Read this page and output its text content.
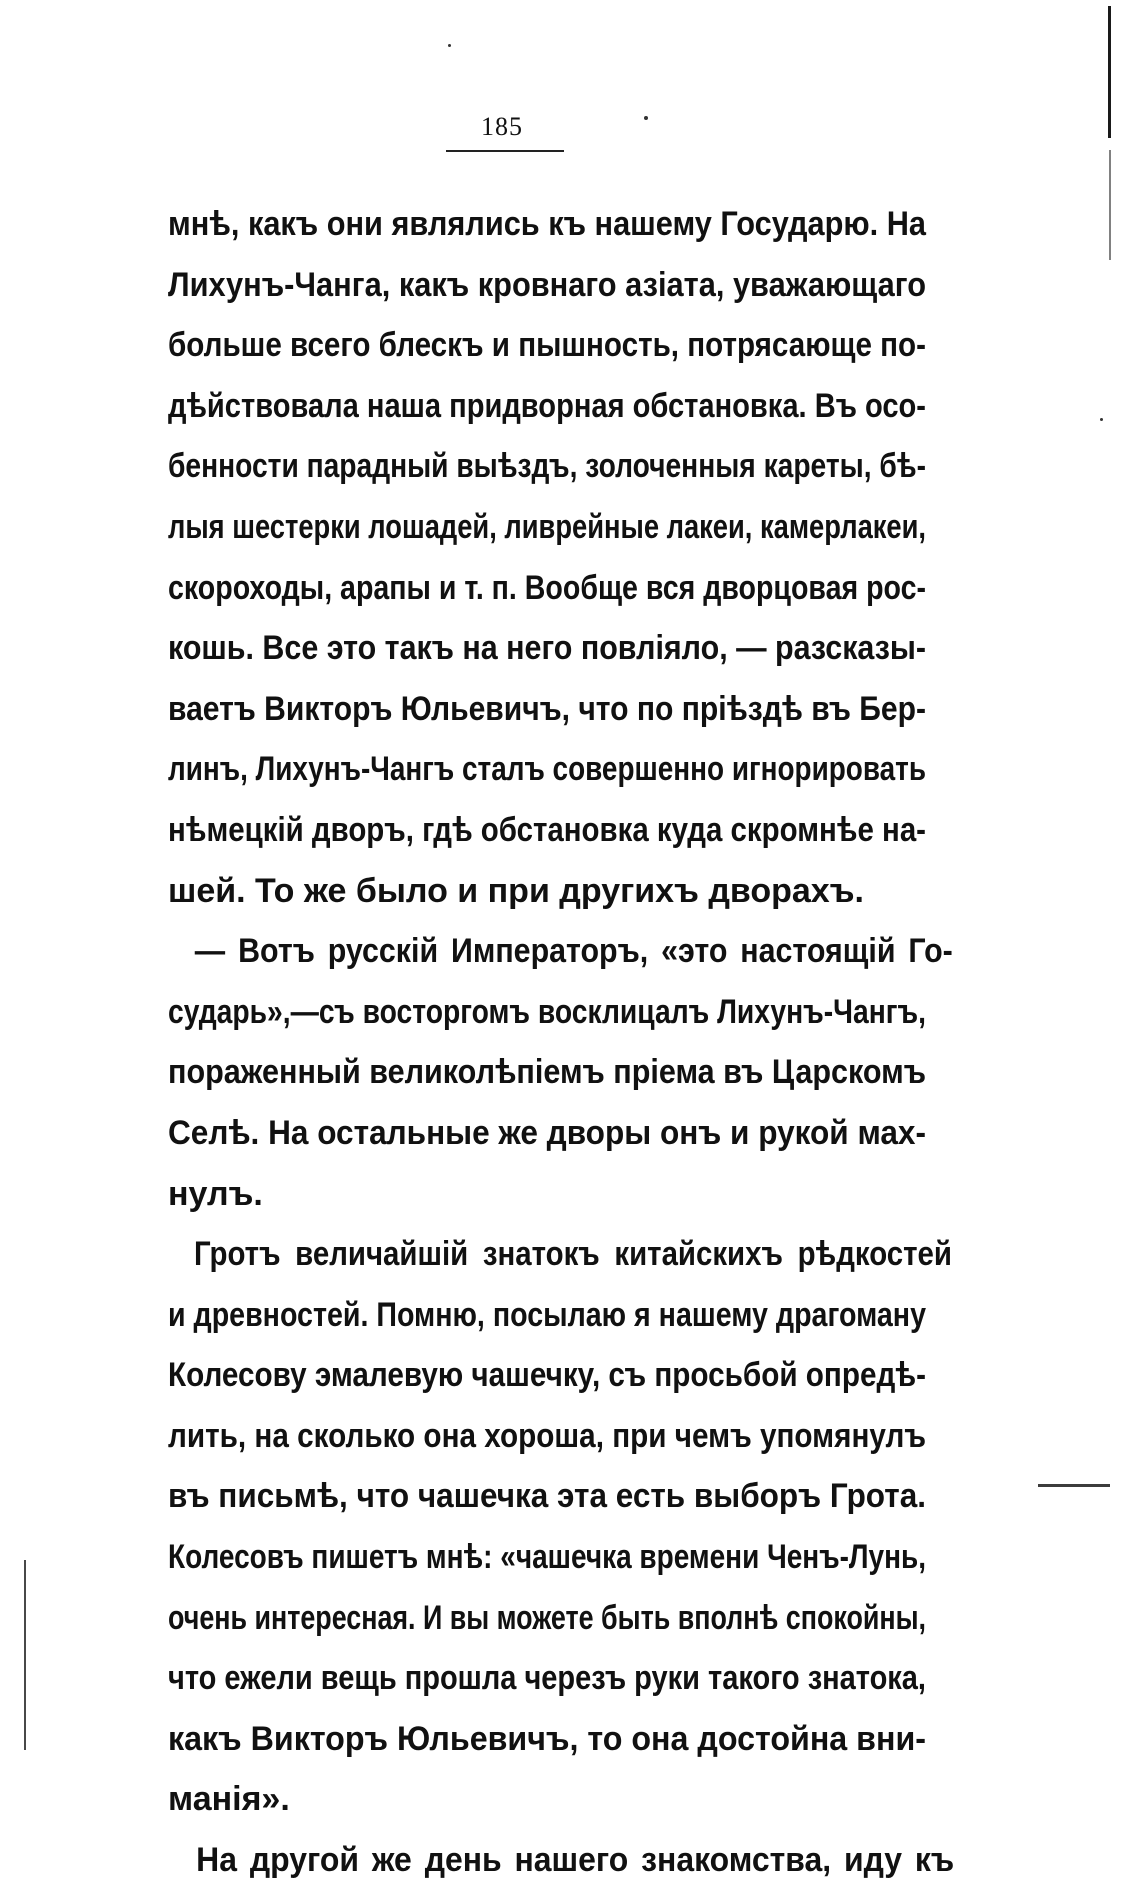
185
мнѣ, какъ они являлись къ нашему Государю. На
Лихунъ-Чанга, какъ кровнаго азіата, уважающаго
больше всего блескъ и пышность, потрясающе по-
дѣйствовала наша придворная обстановка. Въ осо-
бенности парадный выѣздъ, золоченныя кареты, бѣ-
лыя шестерки лошадей, ливрейные лакеи, камерлакеи,
скороходы, арапы и т. п. Вообще вся дворцовая рос-
кошь. Все это такъ на него повліяло, — разсказы-
ваетъ Викторъ Юльевичъ, что по пріѣздѣ въ Бер-
линъ, Лихунъ-Чангъ сталъ совершенно игнорировать
нѣмецкій дворъ, гдѣ обстановка куда скромнѣе на-
шей. То же было и при другихъ дворахъ.
— Вотъ русскій Императоръ, «это настоящій Го-
сударь»,—съ восторгомъ восклицалъ Лихунъ-Чангъ,
пораженный великолѣпіемъ пріема въ Царскомъ
Селѣ. На остальные же дворы онъ и рукой мах-
нулъ.
Гротъ величайшій знатокъ китайскихъ рѣдкостей
и древностей. Помню, посылаю я нашему драгоману
Колесову эмалевую чашечку, съ просьбой опредѣ-
лить, на сколько она хороша, при чемъ упомянулъ
въ письмѣ, что чашечка эта есть выборъ Грота.
Колесовъ пишетъ мнѣ: «чашечка времени Ченъ-Лунь,
очень интересная. И вы можете быть вполнѣ спокойны,
что ежели вещь прошла черезъ руки такого знатока,
какъ Викторъ Юльевичъ, то она достойна вни-
манія».
На другой же день нашего знакомства, иду къ
